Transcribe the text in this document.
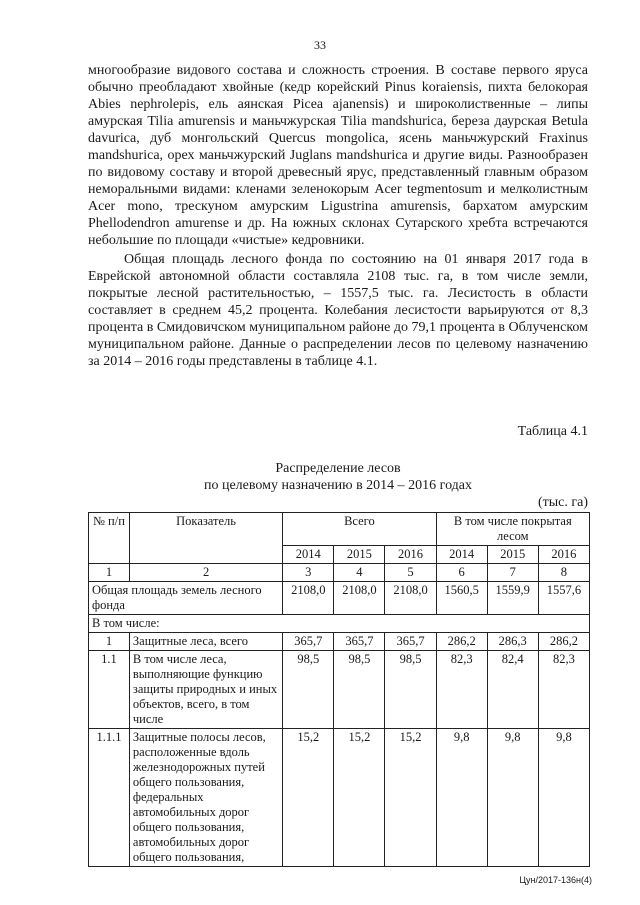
33

многообразие видового состава и сложность строения. В составе первого яруса обычно преобладают хвойные (кедр корейский Pinus koraiensis, пихта белокорая Abies nephrolepis, ель аянская Picea ajanensis) и широколиственные – липы амурская Tilia amurensis и маньчжурская Tilia mandshurica, береза даурская Betula davurica, дуб монгольский Quercus mongolica, ясень маньчжурский Fraxinus mandshurica, орех маньчжурский Juglans mandshurica и другие виды. Разнообразен по видовому составу и второй древесный ярус, представленный главным образом неморальными видами: кленами зеленокорым Acer tegmentosum и мелколистным Acer mono, трескуном амурским Ligustrina amurensis, бархатом амурским Phellodendron amurense и др. На южных склонах Сутарского хребта встречаются небольшие по площади «чистые» кедровники.

Общая площадь лесного фонда по состоянию на 01 января 2017 года в Еврейской автономной области составляла 2108 тыс. га, в том числе земли, покрытые лесной растительностью, – 1557,5 тыс. га. Лесистость в области составляет в среднем 45,2 процента. Колебания лесистости варьируются от 8,3 процента в Смидовичском муниципальном районе до 79,1 процента в Облученском муниципальном районе. Данные о распределении лесов по целевому назначению за 2014 – 2016 годы представлены в таблице 4.1.

Таблица 4.1
Распределение лесов
по целевому назначению в 2014 – 2016 годах
(тыс. га)
№ п/п	Показатель	Всего			В том числе покрытая лесом		
		2014	2015	2016	2014	2015	2016
1	2	3	4	5	6	7	8
Общая площадь земель лесного фонда		2108,0	2108,0	2108,0	1560,5	1559,9	1557,6
В том числе:							
1	Защитные леса, всего	365,7	365,7	365,7	286,2	286,3	286,2
1.1	В том числе леса, выполняющие функцию защиты природных и иных объектов, всего, в том числе	98,5	98,5	98,5	82,3	82,4	82,3
1.1.1	Защитные полосы лесов, расположенные вдоль железнодорожных путей общего пользования, федеральных автомобильных дорог общего пользования, автомобильных дорог общего пользования,	15,2	15,2	15,2	9,8	9,8	9,8
Цун/2017-136н(4)
